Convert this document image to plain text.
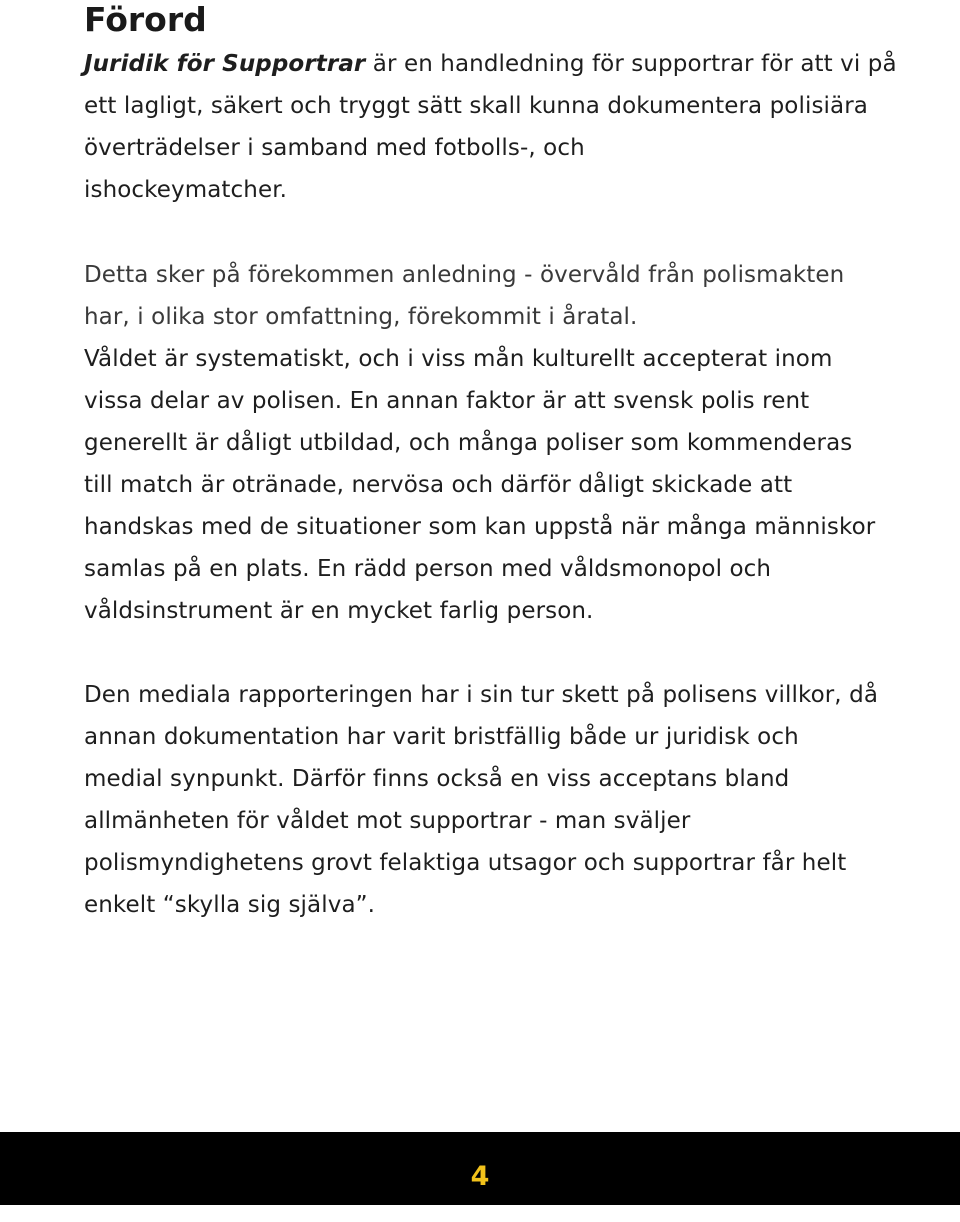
Förord

Juridik för Supportrar är en handledning för supportrar för att vi på

ett lagligt, säkert och tryggt sätt skall kunna dokumentera polisiära

överträdelser i samband med fotbolls-, och

ishockeymatcher.

Detta sker på förekommen anledning - övervåld från polismakten

har, i olika stor omfattning, förekommit i åratal.

Våldet är systematiskt, och i viss mån kulturellt accepterat inom

vissa delar av polisen. En annan faktor är att svensk polis rent

generellt är dåligt utbildad, och många poliser som kommenderas

till match är otränade, nervösa och därför dåligt skickade att

handskas med de situationer som kan uppstå när många människor

samlas på en plats. En rädd person med våldsmonopol och

våldsinstrument är en mycket farlig person.

Den mediala rapporteringen har i sin tur skett på polisens villkor, då

annan dokumentation har varit bristfällig både ur juridisk och

medial synpunkt. Därför finns också en viss acceptans bland

allmänheten för våldet mot supportrar - man sväljer

polismyndighetens grovt felaktiga utsagor och supportrar får helt

enkelt “skylla sig själva”.

4
